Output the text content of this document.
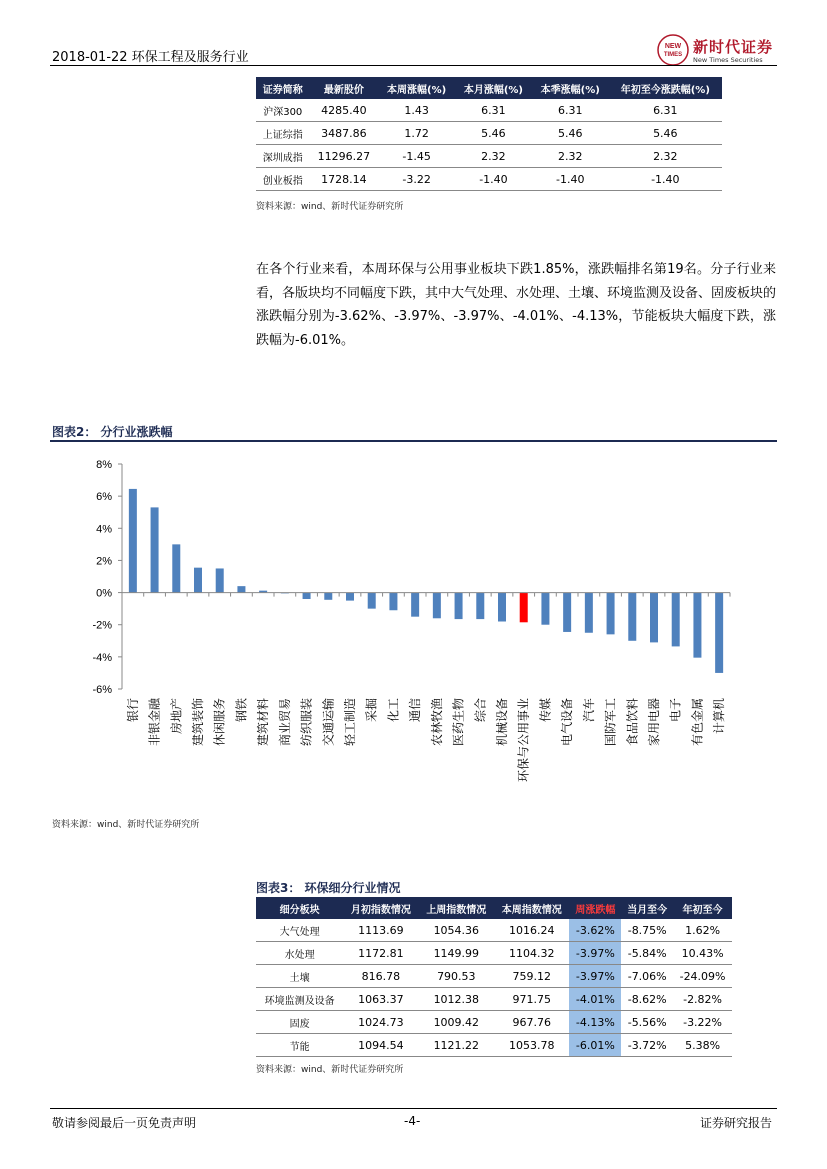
2018-01-22 环保工程及服务行业
NEW
TIMES 新时代证券
New Times Securities
证券简称	最新股价	本周涨幅(%)	本月涨幅(%)	本季涨幅(%)	年初至今涨跌幅(%)
沪深300	4285.40	1.43	6.31	6.31	6.31
上证综指	3487.86	1.72	5.46	5.46	5.46
深圳成指	11296.27	-1.45	2.32	2.32	2.32
创业板指	1728.14	-3.22	-1.40	-1.40	-1.40
资料来源：wind、新时代证券研究所
在各个行业来看，本周环保与公用事业板块下跌1.85%，涨跌幅排名第19名。分子行业来看，各版块均不同幅度下跌，其中大气处理、水处理、土壤、环境监测及设备、固废板块的涨跌幅分别为-3.62%、-3.97%、-3.97%、-4.01%、-4.13%，节能板块大幅度下跌，涨跌幅为-6.01%。
图表2： 分行业涨跌幅
8%
6%
4%
2%
0%
-2%
-4%
-6%
银行 非银金融 房地产 建筑装饰 休闲服务 钢铁 建筑材料 商业贸易 纺织服装 交通运输 轻工制造 采掘 化工 通信 农林牧渔 医药生物 综合 机械设备 环保与公用事业 传媒 电气设备 汽车 国防军工 食品饮料 家用电器 电子 有色金属 计算机
资料来源：wind、新时代证券研究所
图表3： 环保细分行业情况
细分板块	月初指数情况	上周指数情况	本周指数情况	周涨跌幅	当月至今	年初至今
大气处理	1113.69	1054.36	1016.24	-3.62%	-8.75%	1.62%
水处理	1172.81	1149.99	1104.32	-3.97%	-5.84%	10.43%
土壤	816.78	790.53	759.12	-3.97%	-7.06%	-24.09%
环境监测及设备	1063.37	1012.38	971.75	-4.01%	-8.62%	-2.82%
固废	1024.73	1009.42	967.76	-4.13%	-5.56%	-3.22%
节能	1094.54	1121.22	1053.78	-6.01%	-3.72%	5.38%
资料来源：wind、新时代证券研究所
敬请参阅最后一页免责声明	-4-	证券研究报告
